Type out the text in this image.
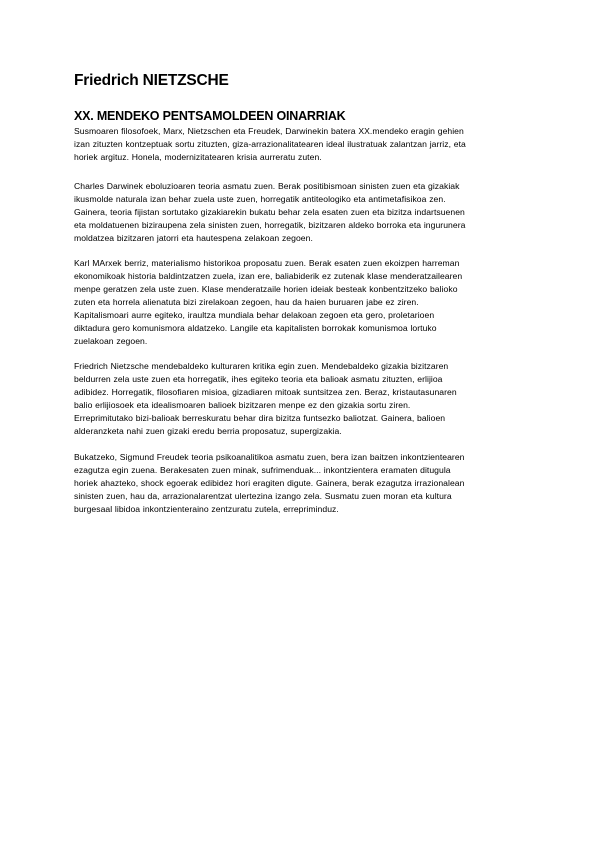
Friedrich NIETZSCHE
XX. MENDEKO PENTSAMOLDEEN OINARRIAK

Susmoaren filosofoek, Marx, Nietzschen eta Freudek, Darwinekin batera XX.mendeko eragin gehien
izan zituzten kontzeptuak sortu zituzten, giza-arrazionalitatearen ideal ilustratuak zalantzan jarriz, eta
horiek argituz. Honela, modernizitatearen krisia aurreratu zuten.

Charles Darwinek eboluzioaren teoria asmatu zuen. Berak positibismoan sinisten zuen eta gizakiak
ikusmolde naturala izan behar zuela uste zuen, horregatik antiteologiko eta antimetafisikoa zen.
Gainera, teoria fijistan sortutako gizakiarekin bukatu behar zela esaten zuen eta bizitza indartsuenen
eta moldatuenen biziraupena zela sinisten zuen, horregatik, bizitzaren aldeko borroka eta ingurunera
moldatzea bizitzaren jatorri eta hautespena zelakoan zegoen.

Karl MArxek berriz, materialismo historikoa proposatu zuen. Berak esaten zuen ekoizpen harreman
ekonomikoak historia baldintzatzen zuela, izan ere, baliabiderik ez zutenak klase menderatzailearen
menpe geratzen zela uste zuen. Klase menderatzaile horien ideiak besteak konbentzitzeko balioko
zuten eta horrela alienatuta bizi zirelakoan zegoen, hau da haien buruaren jabe ez ziren.
Kapitalismoari aurre egiteko, iraultza mundiala behar delakoan zegoen eta gero, proletarioen
diktadura gero komunismora aldatzeko. Langile eta kapitalisten borrokak komunismoa lortuko
zuelakoan zegoen.

Friedrich Nietzsche mendebaldeko kulturaren kritika egin zuen. Mendebaldeko gizakia bizitzaren
beldurren zela uste zuen eta horregatik, ihes egiteko teoria eta balioak asmatu zituzten, erlijioa
adibidez. Horregatik, filosofiaren misioa, gizadiaren mitoak suntsitzea zen. Beraz, kristautasunaren
balio erlijiosoek eta idealismoaren balioek bizitzaren menpe ez den gizakia sortu ziren.
Erreprimitutako bizi-balioak berreskuratu behar dira bizitza funtsezko baliotzat. Gainera, balioen
alderanzketa nahi zuen gizaki eredu berria proposatuz, supergizakia.

Bukatzeko, Sigmund Freudek teoria psikoanalitikoa asmatu zuen, bera izan baitzen inkontzientearen
ezagutza egin zuena. Berakesaten zuen minak, sufrimenduak... inkontzientera eramaten ditugula
horiek ahazteko, shock egoerak edibidez hori eragiten digute. Gainera, berak ezagutza irrazionalean
sinisten zuen, hau da, arrazionalarentzat ulertezina izango zela. Susmatu zuen moran eta kultura
burgesaal libidoa inkontzienteraino zentzuratu zutela, errepriminduz.
